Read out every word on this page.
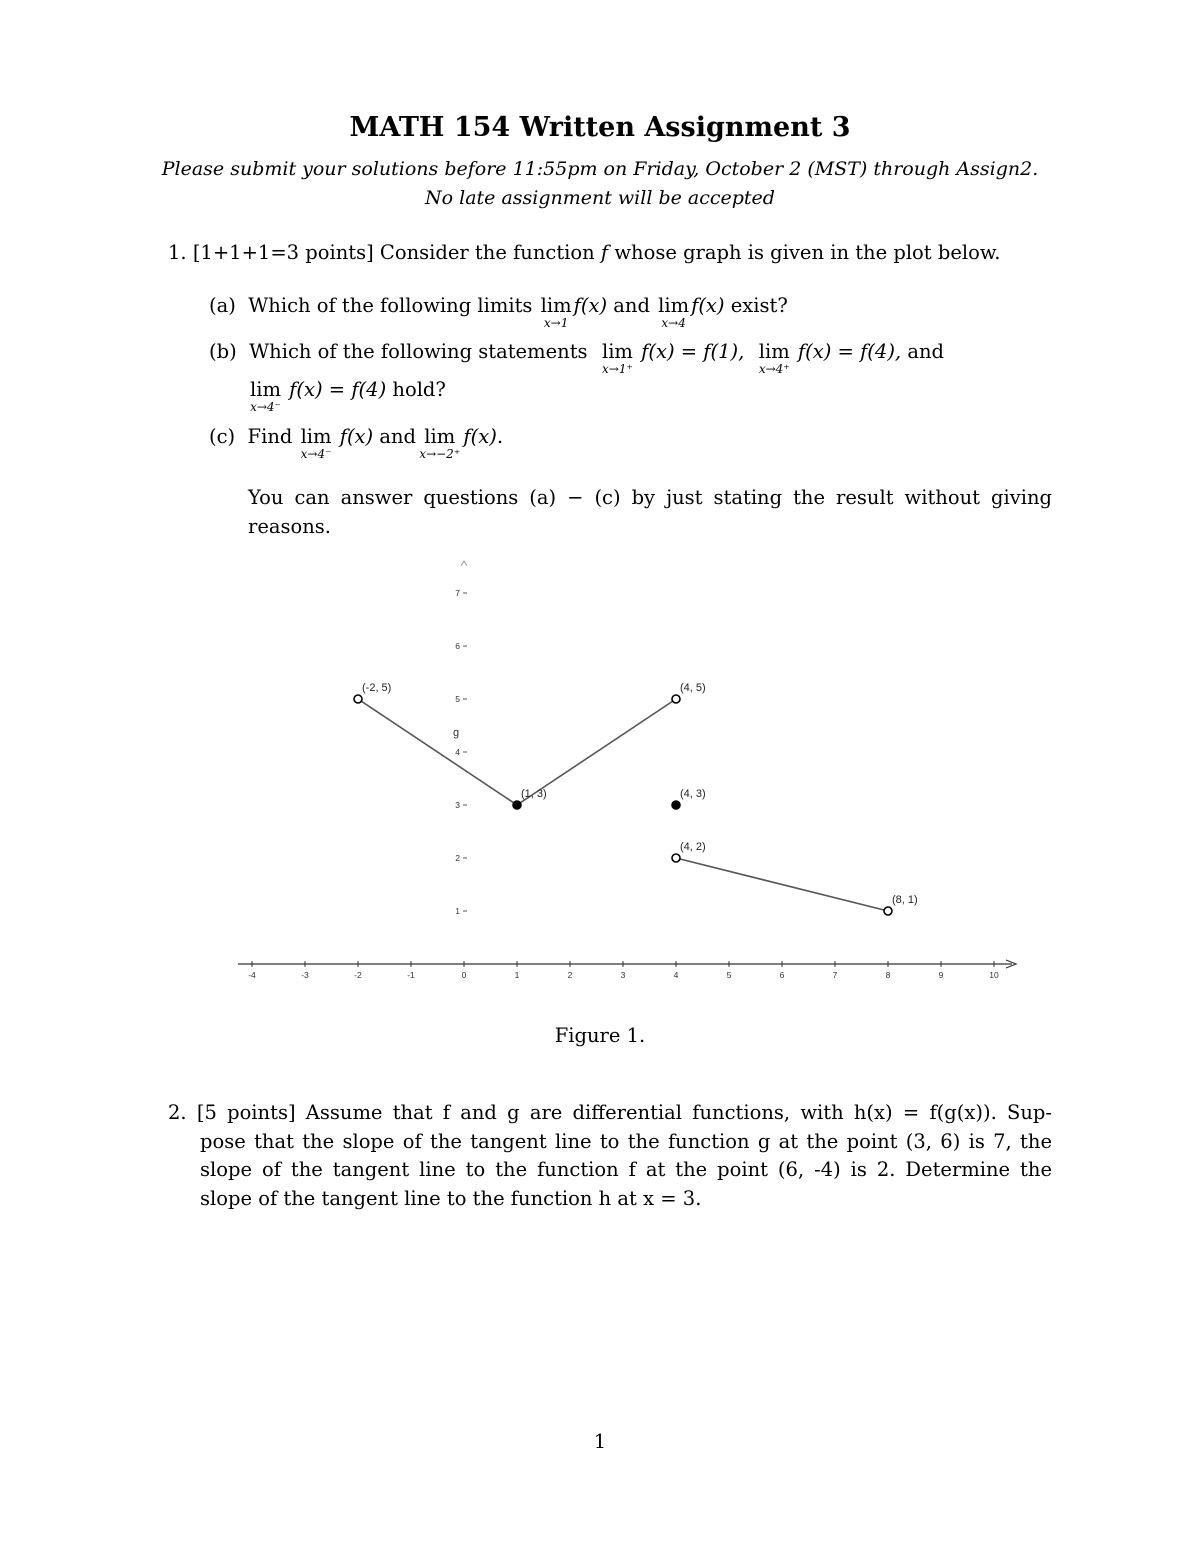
MATH 154 Written Assignment 3
Please submit your solutions before 11:55pm on Friday, October 2 (MST) through Assign2.
No late assignment will be accepted
1. [1+1+1=3 points] Consider the function f whose graph is given in the plot below.
(a) Which of the following limits lim
x→1
f(x) and lim
x→4
f(x) exist?
(b) Which of the following statements lim
x→1⁺
f(x) = f(1), lim
x→4⁺
f(x) = f(4), and
lim
x→4⁻
f(x) = f(4) hold?
(c) Find lim
x→4⁻
f(x) and lim
x→−2⁺
f(x).
You can answer questions (a) − (c) by just stating the result without giving
reasons.
-4	-3	-2	-1	0	1	2	3	4	5	6	7	8	9	10
1
2
3
4
5
6
7
g
(-2, 5)
(1, 3)
(4, 5)
(4, 3)
(4, 2)
(8, 1)
Figure 1.
2. [5 points] Assume that f and g are differential functions, with h(x) = f(g(x)). Sup-
pose that the slope of the tangent line to the function g at the point (3, 6) is 7, the
slope of the tangent line to the function f at the point (6, -4) is 2. Determine the
slope of the tangent line to the function h at x = 3.
1
